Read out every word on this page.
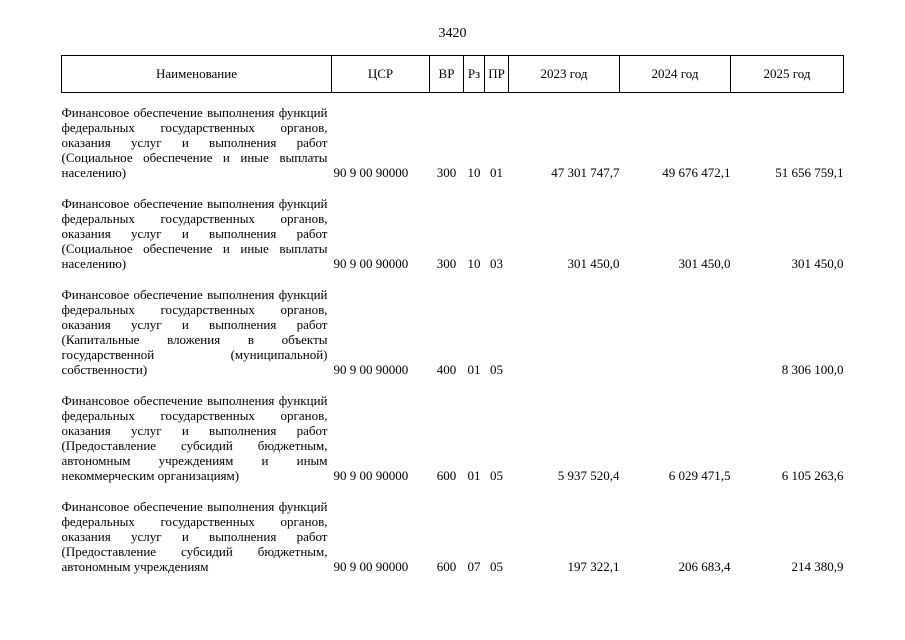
3420
Наименование	ЦСР	ВР	Рз	ПР	2023 год	2024 год	2025 год
Финансовое обеспечение выполнения функций федеральных государственных органов, оказания услуг и выполнения работ (Социальное обеспечение и иные выплаты населению)	90 9 00 90000	300	10	01	47 301 747,7	49 676 472,1	51 656 759,1
Финансовое обеспечение выполнения функций федеральных государственных органов, оказания услуг и выполнения работ (Социальное обеспечение и иные выплаты населению)	90 9 00 90000	300	10	03	301 450,0	301 450,0	301 450,0
Финансовое обеспечение выполнения функций федеральных государственных органов, оказания услуг и выполнения работ (Капитальные вложения в объекты государственной (муниципальной) собственности)	90 9 00 90000	400	01	05			8 306 100,0
Финансовое обеспечение выполнения функций федеральных государственных органов, оказания услуг и выполнения работ (Предоставление субсидий бюджетным, автономным учреждениям и иным некоммерческим организациям)	90 9 00 90000	600	01	05	5 937 520,4	6 029 471,5	6 105 263,6
Финансовое обеспечение выполнения функций федеральных государственных органов, оказания услуг и выполнения работ (Предоставление субсидий бюджетным, автономным учреждениям	90 9 00 90000	600	07	05	197 322,1	206 683,4	214 380,9
